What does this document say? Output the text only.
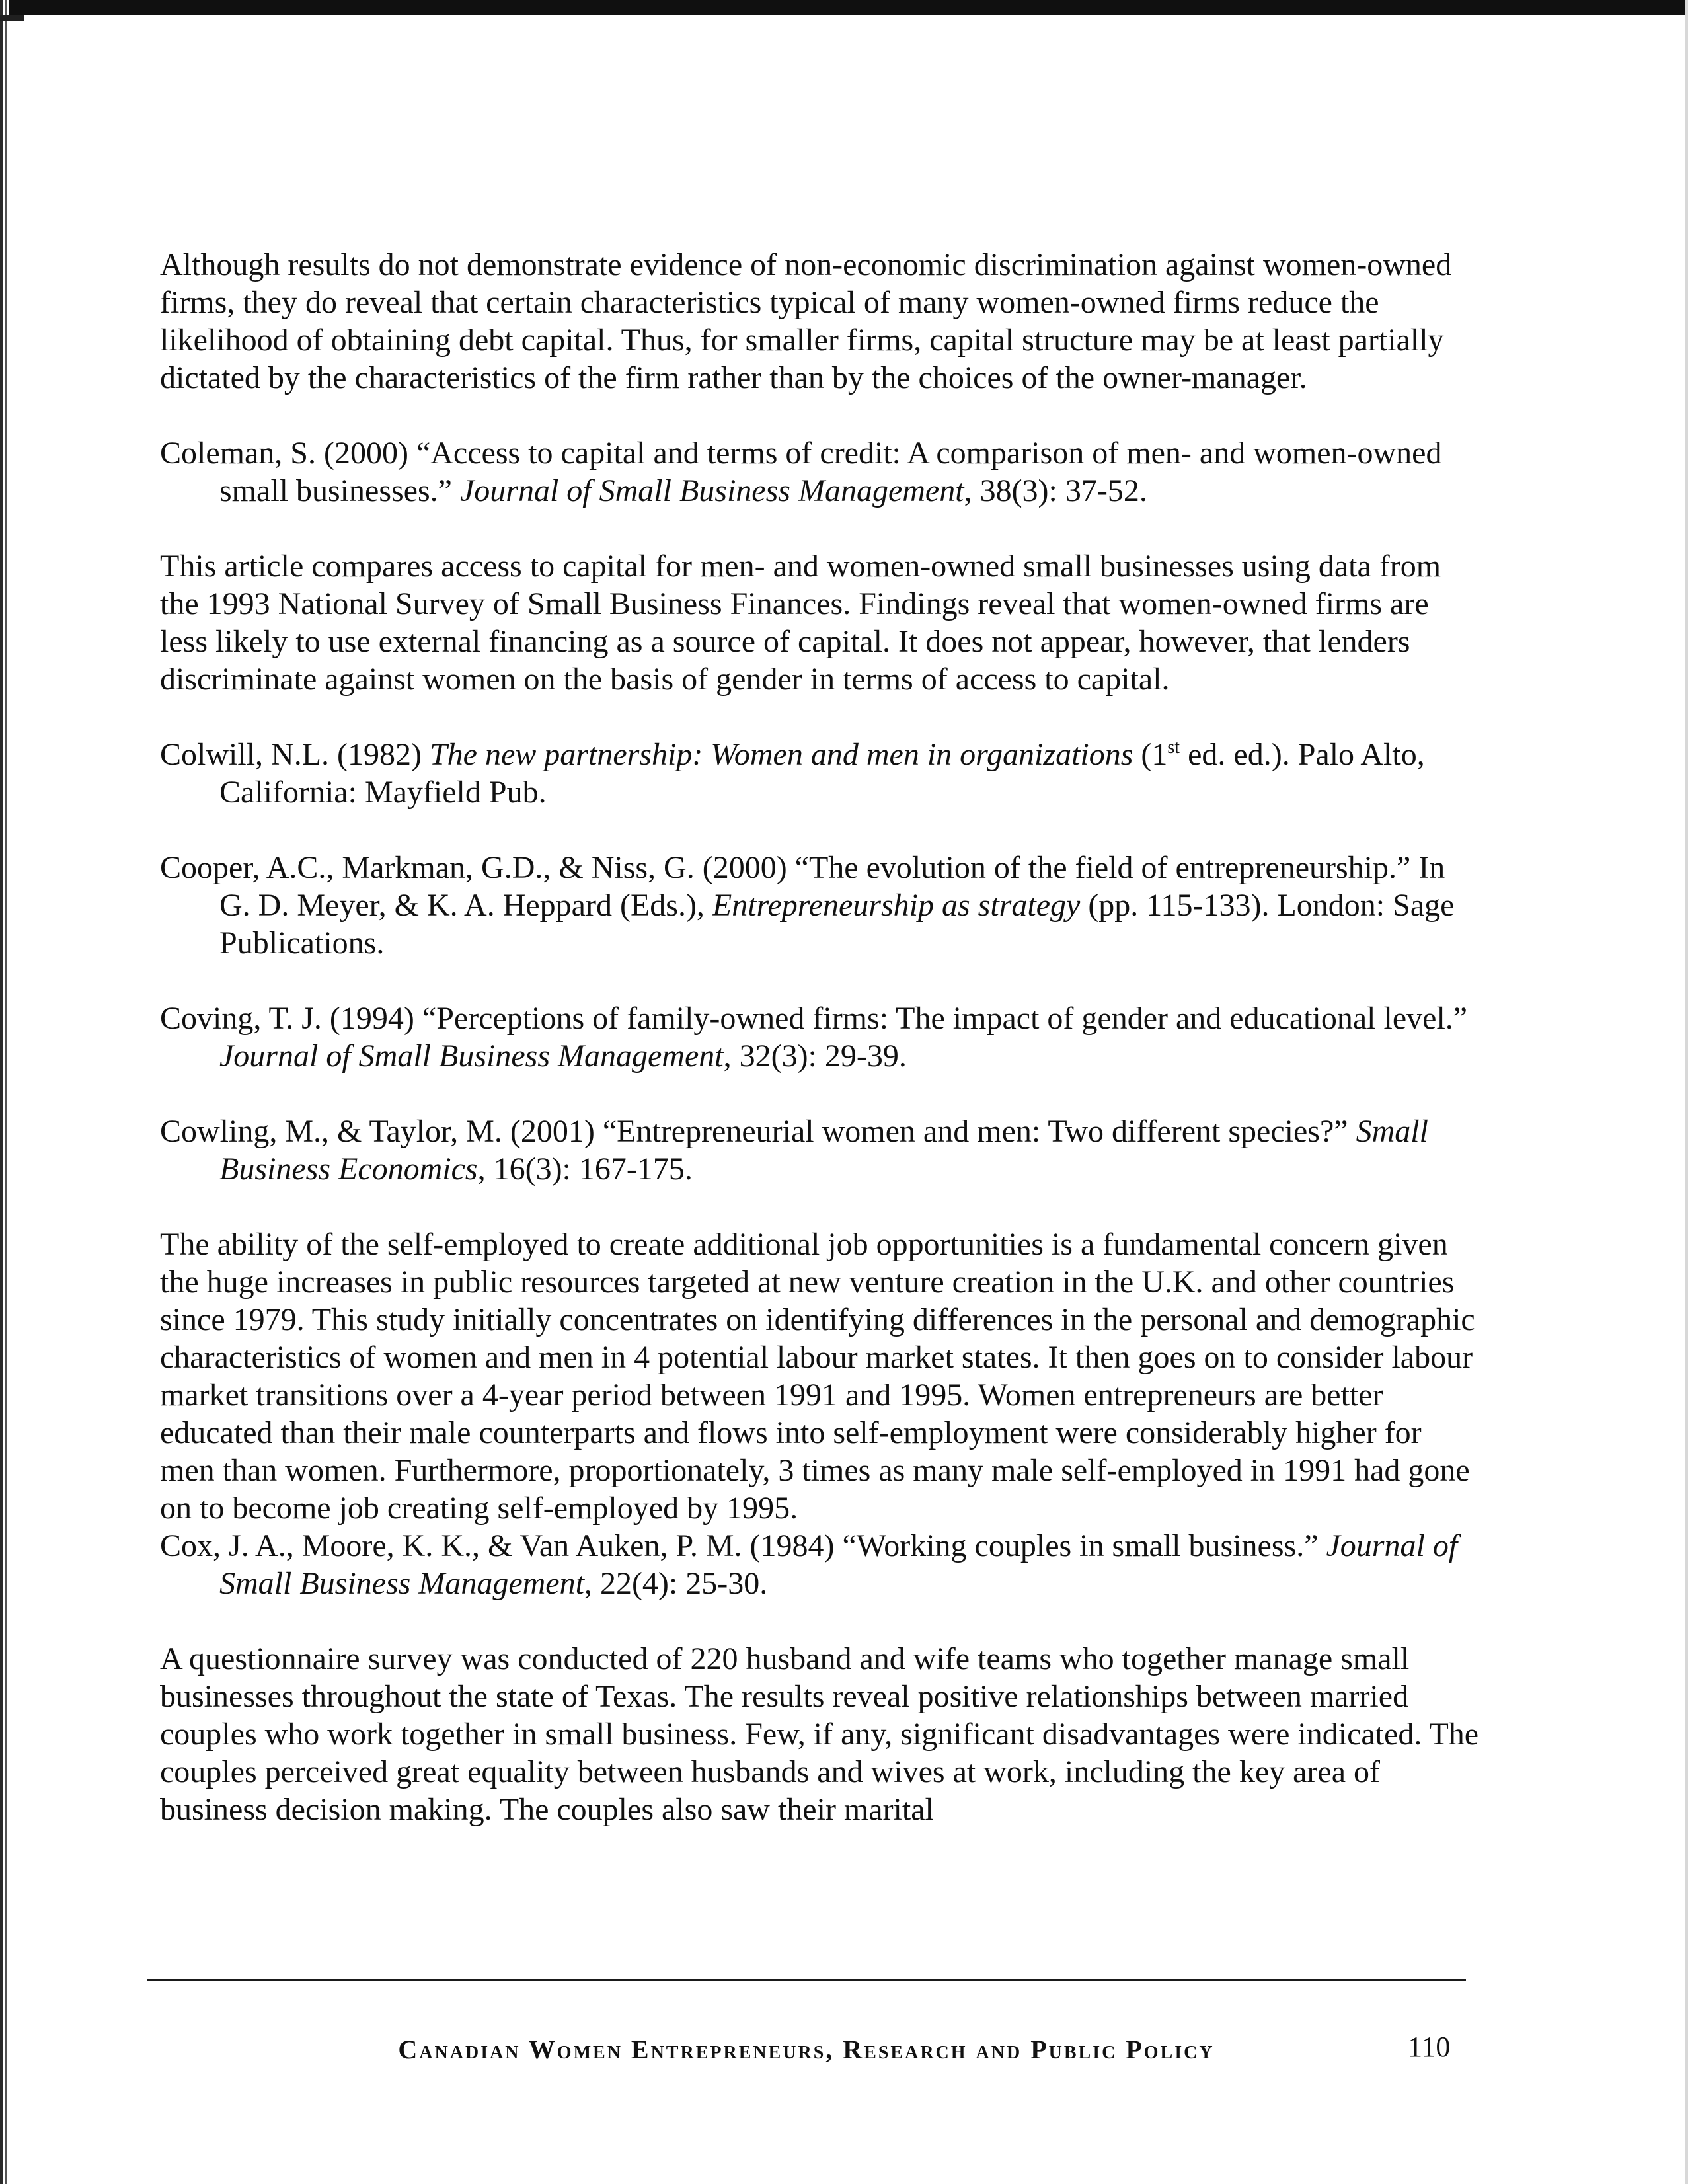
Although results do not demonstrate evidence of non-economic discrimination against women-owned firms, they do reveal that certain characteristics typical of many women-owned firms reduce the likelihood of obtaining debt capital. Thus, for smaller firms, capital structure may be at least partially dictated by the characteristics of the firm rather than by the choices of the owner-manager.

Coleman, S. (2000) “Access to capital and terms of credit: A comparison of men- and women-owned small businesses.” Journal of Small Business Management, 38(3): 37-52.

This article compares access to capital for men- and women-owned small businesses using data from the 1993 National Survey of Small Business Finances. Findings reveal that women-owned firms are less likely to use external financing as a source of capital. It does not appear, however, that lenders discriminate against women on the basis of gender in terms of access to capital.

Colwill, N.L. (1982) The new partnership: Women and men in organizations (1st ed. ed.). Palo Alto, California: Mayfield Pub.

Cooper, A.C., Markman, G.D., & Niss, G. (2000) “The evolution of the field of entrepreneurship.” In G. D. Meyer, & K. A. Heppard (Eds.), Entrepreneurship as strategy (pp. 115-133). London: Sage Publications.

Coving, T. J. (1994) “Perceptions of family-owned firms: The impact of gender and educational level.” Journal of Small Business Management, 32(3): 29-39.

Cowling, M., & Taylor, M. (2001) “Entrepreneurial women and men: Two different species?” Small Business Economics, 16(3): 167-175.

The ability of the self-employed to create additional job opportunities is a fundamental concern given the huge increases in public resources targeted at new venture creation in the U.K. and other countries since 1979. This study initially concentrates on identifying differences in the personal and demographic characteristics of women and men in 4 potential labour market states. It then goes on to consider labour market transitions over a 4-year period between 1991 and 1995. Women entrepreneurs are better educated than their male counterparts and flows into self-employment were considerably higher for men than women. Furthermore, proportionately, 3 times as many male self-employed in 1991 had gone on to become job creating self-employed by 1995.

Cox, J. A., Moore, K. K., & Van Auken, P. M. (1984) “Working couples in small business.” Journal of Small Business Management, 22(4): 25-30.

A questionnaire survey was conducted of 220 husband and wife teams who together manage small businesses throughout the state of Texas. The results reveal positive relationships between married couples who work together in small business. Few, if any, significant disadvantages were indicated. The couples perceived great equality between husbands and wives at work, including the key area of business decision making. The couples also saw their marital

Canadian Women Entrepreneurs, Research and Public Policy	110
